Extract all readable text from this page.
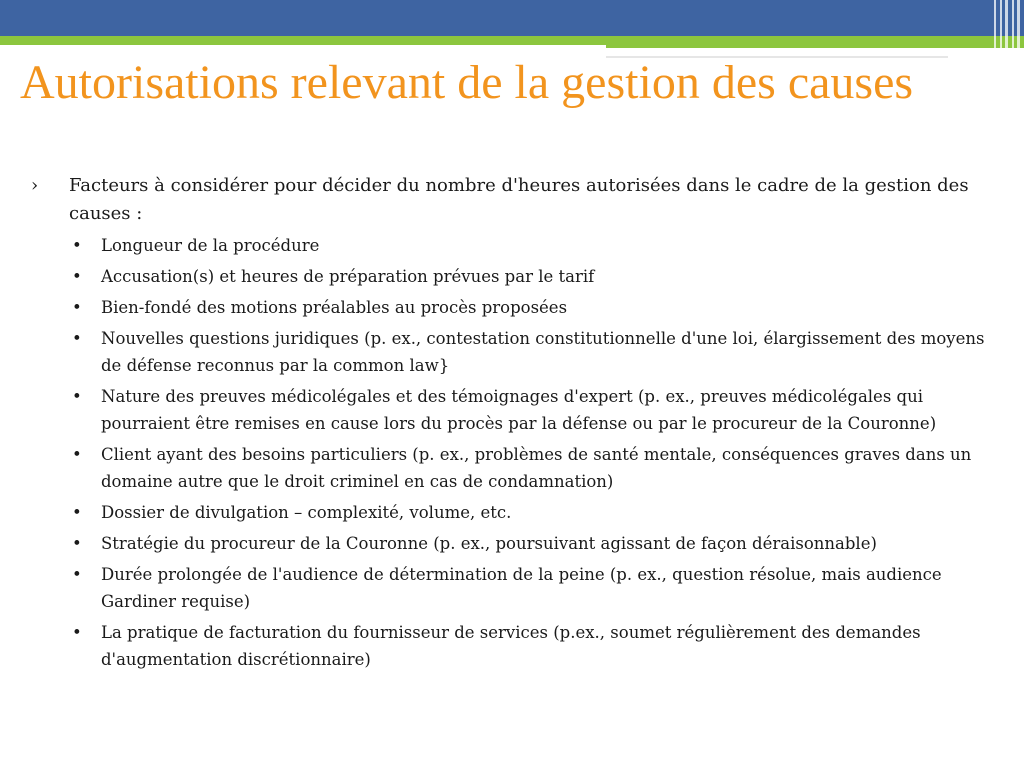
Autorisations relevant de la gestion des causes
› Facteurs à considérer pour décider du nombre d'heures autorisées dans le cadre de la gestion des causes :
• Longueur de la procédure
• Accusation(s) et heures de préparation prévues par le tarif
• Bien-fondé des motions préalables au procès proposées
• Nouvelles questions juridiques (p. ex., contestation constitutionnelle d'une loi, élargissement des moyens de défense reconnus par la common law}
• Nature des preuves médicolégales et des témoignages d'expert (p. ex., preuves médicolégales qui pourraient être remises en cause lors du procès par la défense ou par le procureur de la Couronne)
• Client ayant des besoins particuliers (p. ex., problèmes de santé mentale, conséquences graves dans un domaine autre que le droit criminel en cas de condamnation)
• Dossier de divulgation – complexité, volume, etc.
• Stratégie du procureur de la Couronne (p. ex., poursuivant agissant de façon déraisonnable)
• Durée prolongée de l'audience de détermination de la peine (p. ex., question résolue, mais audience Gardiner requise)
• La pratique de facturation du fournisseur de services (p.ex., soumet régulièrement des demandes d'augmentation discrétionnaire)
